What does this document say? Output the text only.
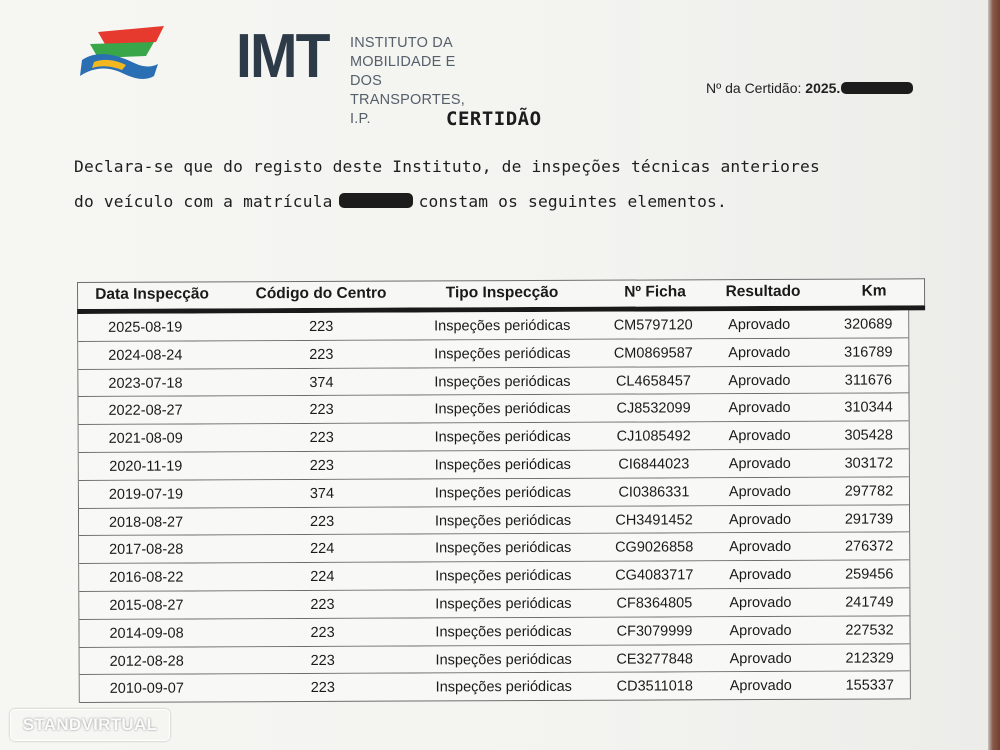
IMT INSTITUTO DA
MOBILIDADE E DOS
TRANSPORTES, I.P.
Nº da Certidão: 2025.
CERTIDÃO
Declara-se que do registo deste Instituto, de inspeções técnicas anteriores
do veículo com a matrícula	constam os seguintes elementos.
Data Inspecção	Código do Centro	Tipo Inspecção	Nº Ficha	Resultado	Km
2025-08-19	223	Inspeções periódicas	CM5797120 Aprovado	320689
2024-08-24	223	Inspeções periódicas	CM0869587 Aprovado	316789
2023-07-18	374	Inspeções periódicas	CL4658457	Aprovado	311676
2022-08-27	223	Inspeções periódicas	CJ8532099	Aprovado	310344
2021-08-09	223	Inspeções periódicas	CJ1085492	Aprovado	305428
2020-11-19	223	Inspeções periódicas	CI6844023	Aprovado	303172
2019-07-19	374	Inspeções periódicas	CI0386331	Aprovado	297782
2018-08-27	223	Inspeções periódicas	CH3491452 Aprovado	291739
2017-08-28	224	Inspeções periódicas	CG9026858 Aprovado	276372
2016-08-22	224	Inspeções periódicas	CG4083717 Aprovado	259456
2015-08-27	223	Inspeções periódicas	CF8364805	Aprovado	241749
2014-09-08	223	Inspeções periódicas	CF3079999	Aprovado	227532
2012-08-28	223	Inspeções periódicas	CE3277848	Aprovado	212329
2010-09-07	223	Inspeções periódicas	CD3511018	Aprovado	155337
STANDVIRTUAL
